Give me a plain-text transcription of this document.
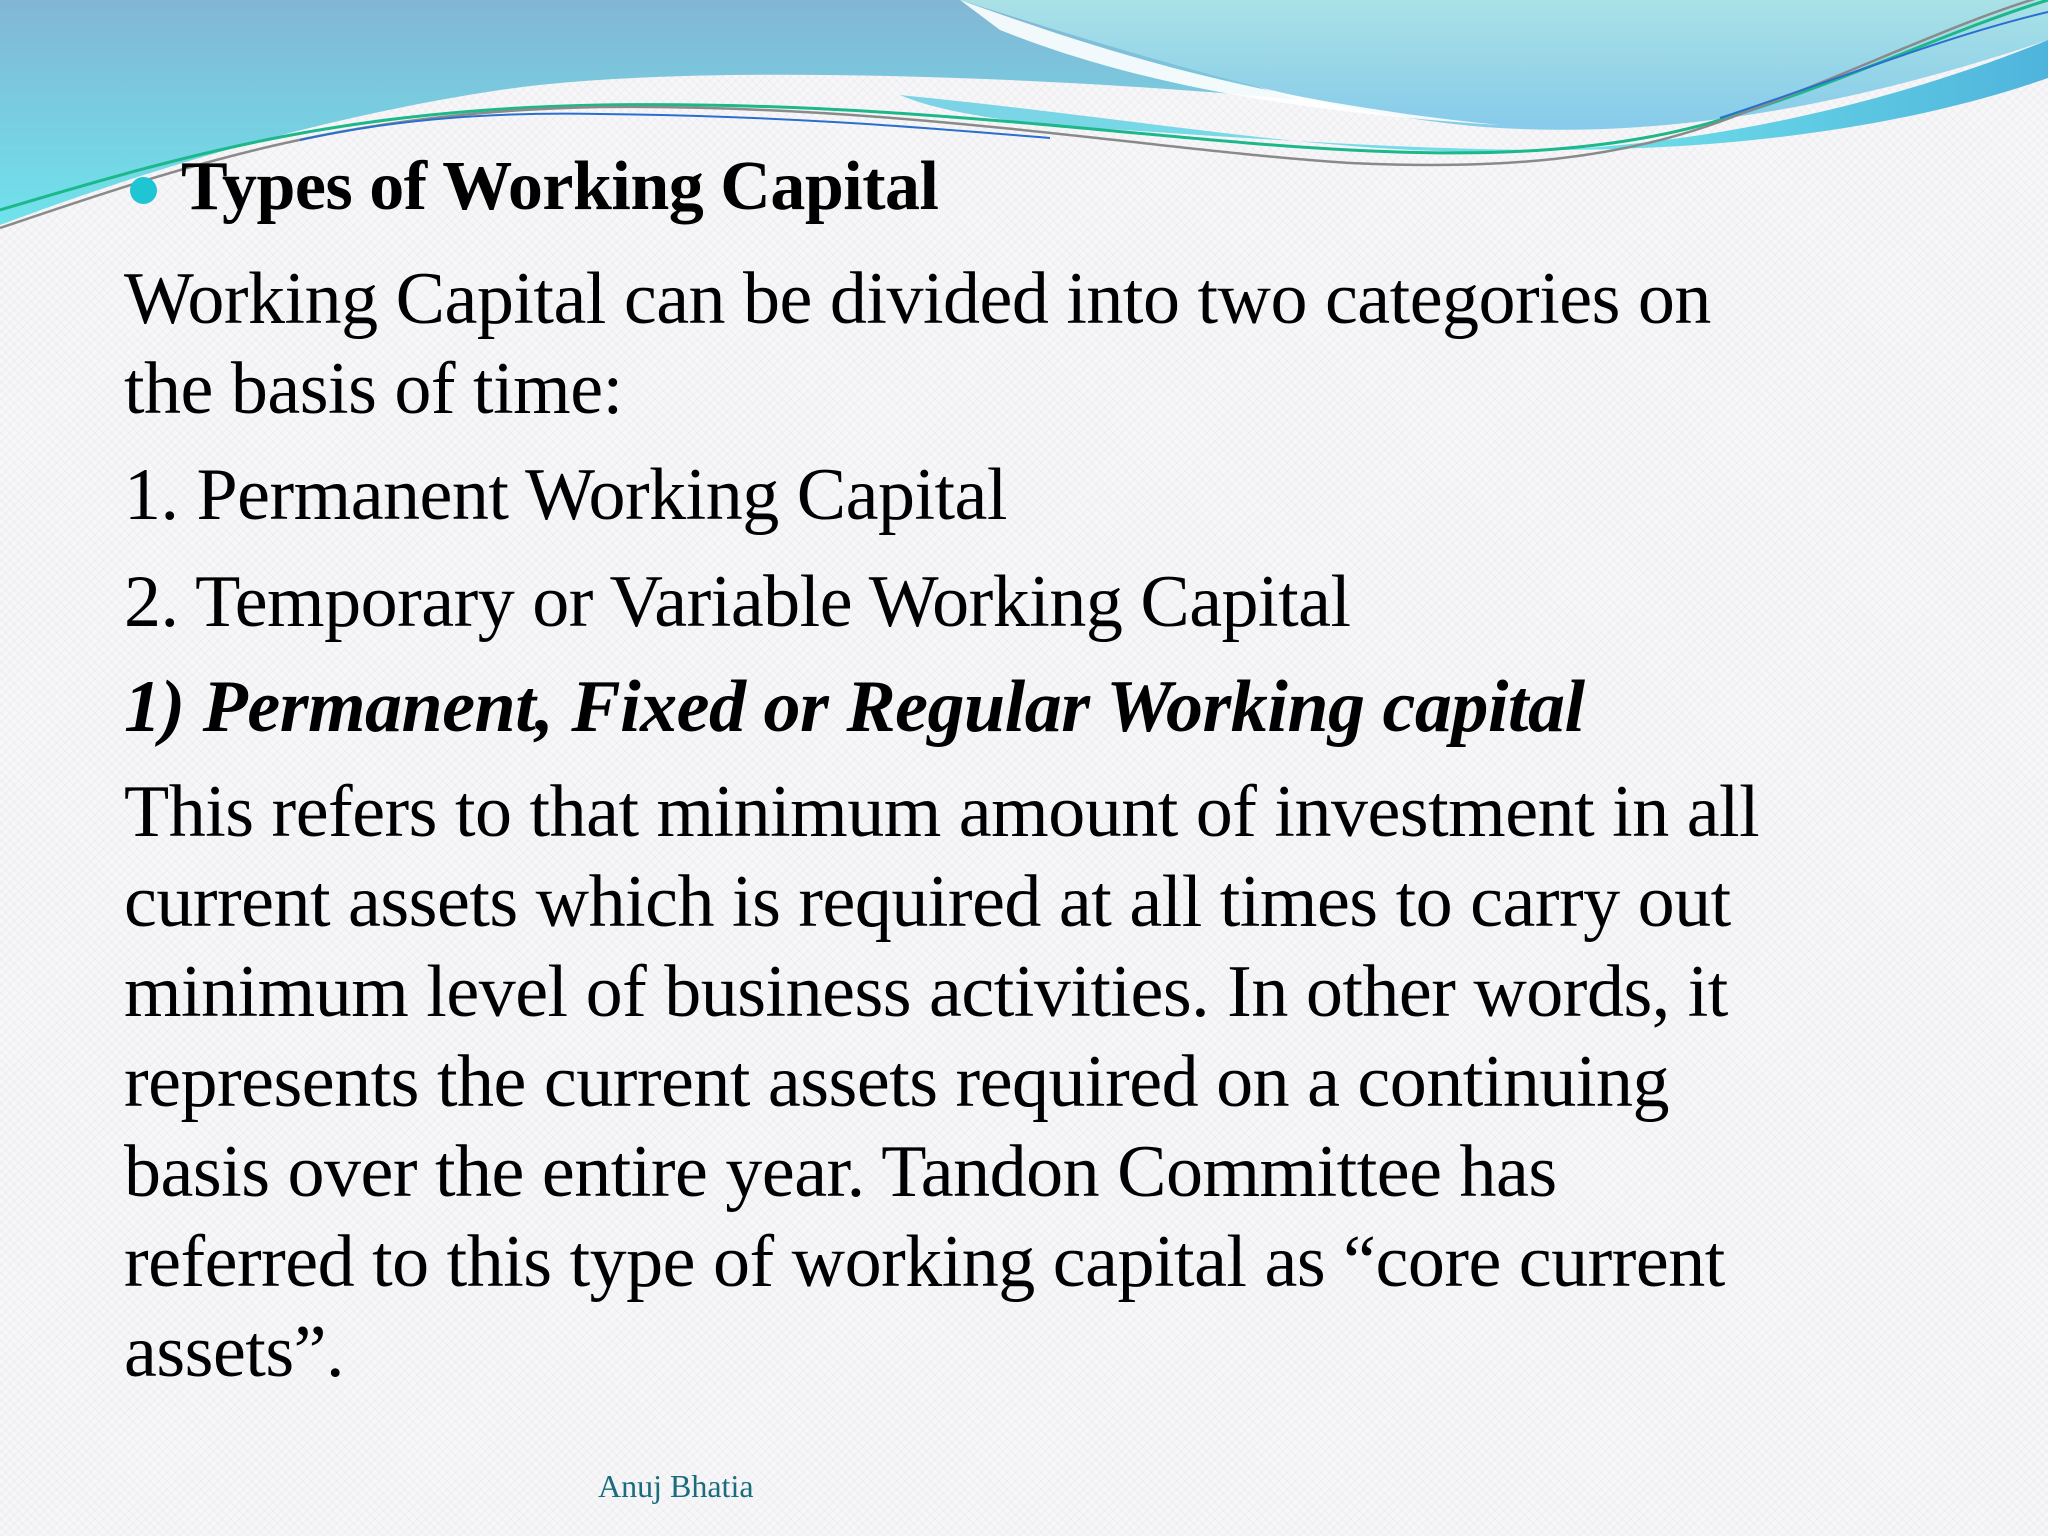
Types of Working Capital

Working Capital can be divided into two categories on

the basis of time:

1. Permanent Working Capital

2. Temporary or Variable Working Capital

1) Permanent, Fixed or Regular Working capital

This refers to that minimum amount of investment in all

current assets which is required at all times to carry out

minimum level of business activities. In other words, it

represents the current assets required on a continuing

basis over the entire year. Tandon Committee has

referred to this type of working capital as “core current

assets”.

Anuj Bhatia
